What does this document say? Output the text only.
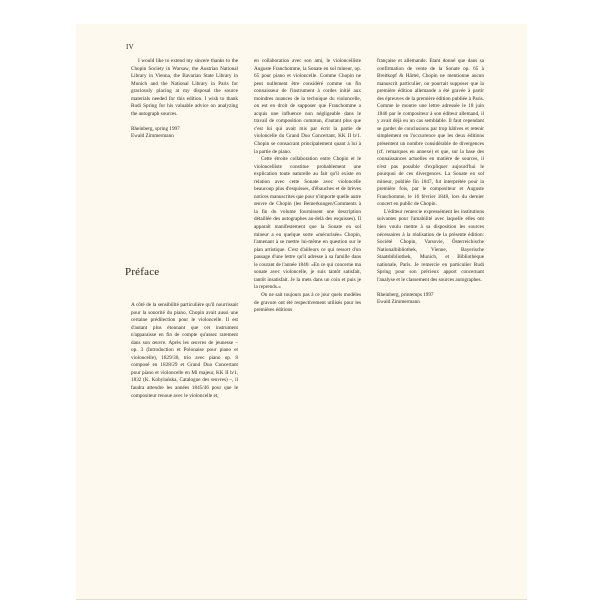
IV

I would like to extend my sincere thanks to the Chopin Society in Warsaw, the Austrian National Library in Vienna, the Bavarian State Library in Munich and the National Library in Paris for graciously placing at my disposal the source materials needed for this edition. I wish to thank Rudi Spring for his valuable advice on analyzing the autograph sources.

Rheinberg, spring 1997

Ewald Zimmermann

Préface

A côté de la sensibilité particulière qu'il nourrissait pour la sonorité du piano, Chopin avait aussi une certaine prédilection pour le violoncelle. Il est d'autant plus étonnant que cet instrument n'apparaisse en fin de compte qu'assez rarement dans son œuvre. Après les œuvres de jeunesse – op. 3 (Introduction et Polonaise pour piano et violoncelle), 1829/30, trio avec piano op. 8 composé en 1828/29 et Grand Duo Concertant pour piano et violoncelle en Mi majeur, KK II b/1, 1832 (K. Kobylańska, Catalogue des œuvres) –, il faudra attendre les années 1845/46 pour que le compositeur renoue avec le violoncelle et,

en collaboration avec son ami, le violoncelliste Auguste Franchomme, la Sonate en sol mineur, op. 65 pour piano et violoncelle. Comme Chopin ne peut nullement être considéré comme un fin connaisseur de l'instrument à cordes initié aux moindres nuances de la technique du violoncelle, on est en droit de supposer que Franchomme a acquis une influence non négligeable dans le travail de composition commun, d'autant plus que c'est lui qui avait mis par écrit la partie de violoncelle du Grand Duo Concertant, KK II b/1. Chopin se consacrant principalement quant à lui à la partie de piano.

Cette étroite collaboration entre Chopin et le violoncelliste constitue probablement une explication toute naturelle au fait qu'il existe en relation avec cette Sonate avec violoncelle beaucoup plus d'esquisses, d'ébauches et de brèves notices manuscrites que pour n'importe quelle autre œuvre de Chopin (les Bemerkungen/Comments à la fin du volume fournissent une description détaillée des autographes au-delà des esquisses). Il apparaît manifestement que la Sonate en sol mineur a eu quelque sorte «mécurisée» Chopin, l'amenant à se mettre lui-même en question sur le plan artistique. C'est d'ailleurs ce qui ressort d'un passage d'une lettre qu'il adresse à sa famille dans le courant de l'année 1846: «En ce qui concerne ma sonate avec violoncelle, je suis tantôt satisfait, tantôt insatisfait. Je la mets dans un coin et puis je la reprends.»

On ne sait toujours pas à ce jour quels modèles de gravure ont été respectivement utilisés pour les premières éditions

française et allemande. Etant donné que dans sa confirmation de vente de la Sonate op. 65 à Breitkopf & Härtel, Chopin ne mentionne aucun manuscrit particulier, on pourrait supposer que la première édition allemande a été gravée à partir des épreuves de la première édition publiée à Paris. Comme le montre une lettre adressée le 18 juin 1846 par le compositeur à son éditeur allemand, il y avait déjà eu un cas semblable. Il faut cependant se garder de conclusions par trop hâtives et retenir simplement en l'occurrence que les deux éditions présentent un nombre considérable de divergences (cf. remarques en annexe) et que, sur la base des connaissances actuelles en matière de sources, il n'est pas possible d'expliquer aujourd'hui le pourquoi de ces divergences. La Sonate en sol mineur, publiée fin 1847, fut interprétée pour la première fois, par le compositeur et Auguste Franchomme, le 16 février 1848, lors du dernier concert en public de Chopin.

L'éditeur remercie expressément les institutions suivantes pour l'amabilité avec laquelle elles ont bien voulu mettre à sa disposition les sources nécessaires à la réalisation de la présente édition: Société Chopin, Varsovie, Österreichische Nationalbibliothek, Vienne, Bayerische Staatsbibliothek, Munich, et Bibliothèque nationale, Paris. Je remercie en particulier Rudi Spring pour son précieux apport concernant l'analyse et le classement des sources autographes.

Rheinberg, printemps 1997

Ewald Zimmermann
